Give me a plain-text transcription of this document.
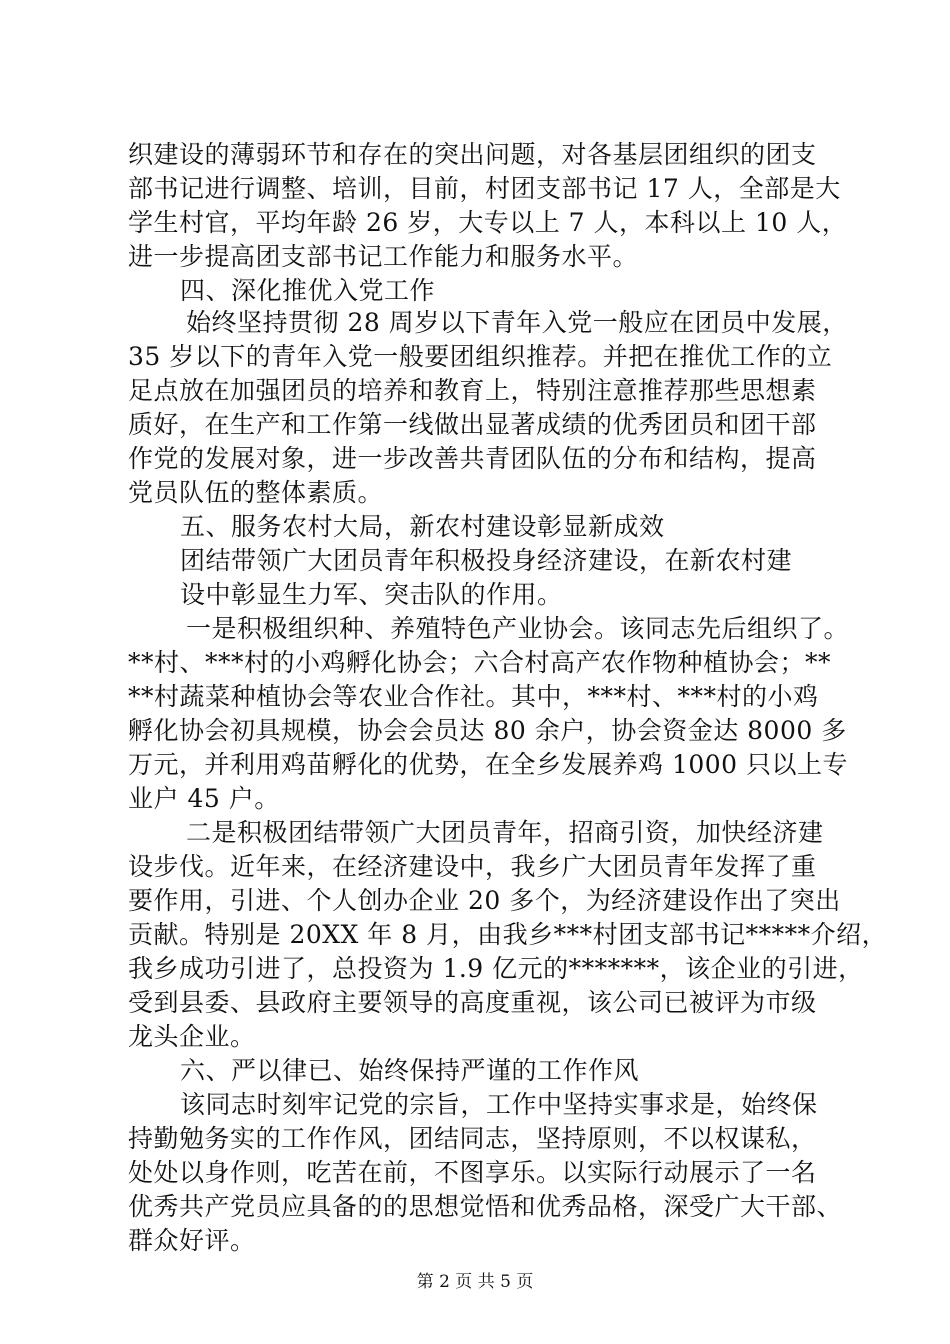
织建设的薄弱环节和存在的突出问题，对各基层团组织的团支
部书记进行调整、培训，目前，村团支部书记 17 人，全部是大
学生村官，平均年龄 26 岁，大专以上 7 人，本科以上 10 人，
进一步提高团支部书记工作能力和服务水平。
四、深化推优入党工作
始终坚持贯彻 28 周岁以下青年入党一般应在团员中发展，
35 岁以下的青年入党一般要团组织推荐。并把在推优工作的立
足点放在加强团员的培养和教育上，特别注意推荐那些思想素
质好，在生产和工作第一线做出显著成绩的优秀团员和团干部
作党的发展对象，进一步改善共青团队伍的分布和结构，提高
党员队伍的整体素质。
五、服务农村大局，新农村建设彰显新成效
团结带领广大团员青年积极投身经济建设，在新农村建
设中彰显生力军、突击队的作用。
一是积极组织种、养殖特色产业协会。该同志先后组织了。
**村、***村的小鸡孵化协会；六合村高产农作物种植协会；**
**村蔬菜种植协会等农业合作社。其中，***村、***村的小鸡
孵化协会初具规模，协会会员达 80 余户，协会资金达 8000 多
万元，并利用鸡苗孵化的优势，在全乡发展养鸡 1000 只以上专
业户 45 户。
二是积极团结带领广大团员青年，招商引资，加快经济建
设步伐。近年来，在经济建设中，我乡广大团员青年发挥了重
要作用，引进、个人创办企业 20 多个，为经济建设作出了突出
贡献。特别是 20XX 年 8 月，由我乡***村团支部书记*****介绍，
我乡成功引进了，总投资为 1.9 亿元的*******，该企业的引进，
受到县委、县政府主要领导的高度重视，该公司已被评为市级
龙头企业。
六、严以律已、始终保持严谨的工作作风
该同志时刻牢记党的宗旨，工作中坚持实事求是，始终保
持勤勉务实的工作作风，团结同志，坚持原则，不以权谋私，
处处以身作则，吃苦在前，不图享乐。以实际行动展示了一名
优秀共产党员应具备的的思想觉悟和优秀品格，深受广大干部、
群众好评。
第 2 页 共 5 页
